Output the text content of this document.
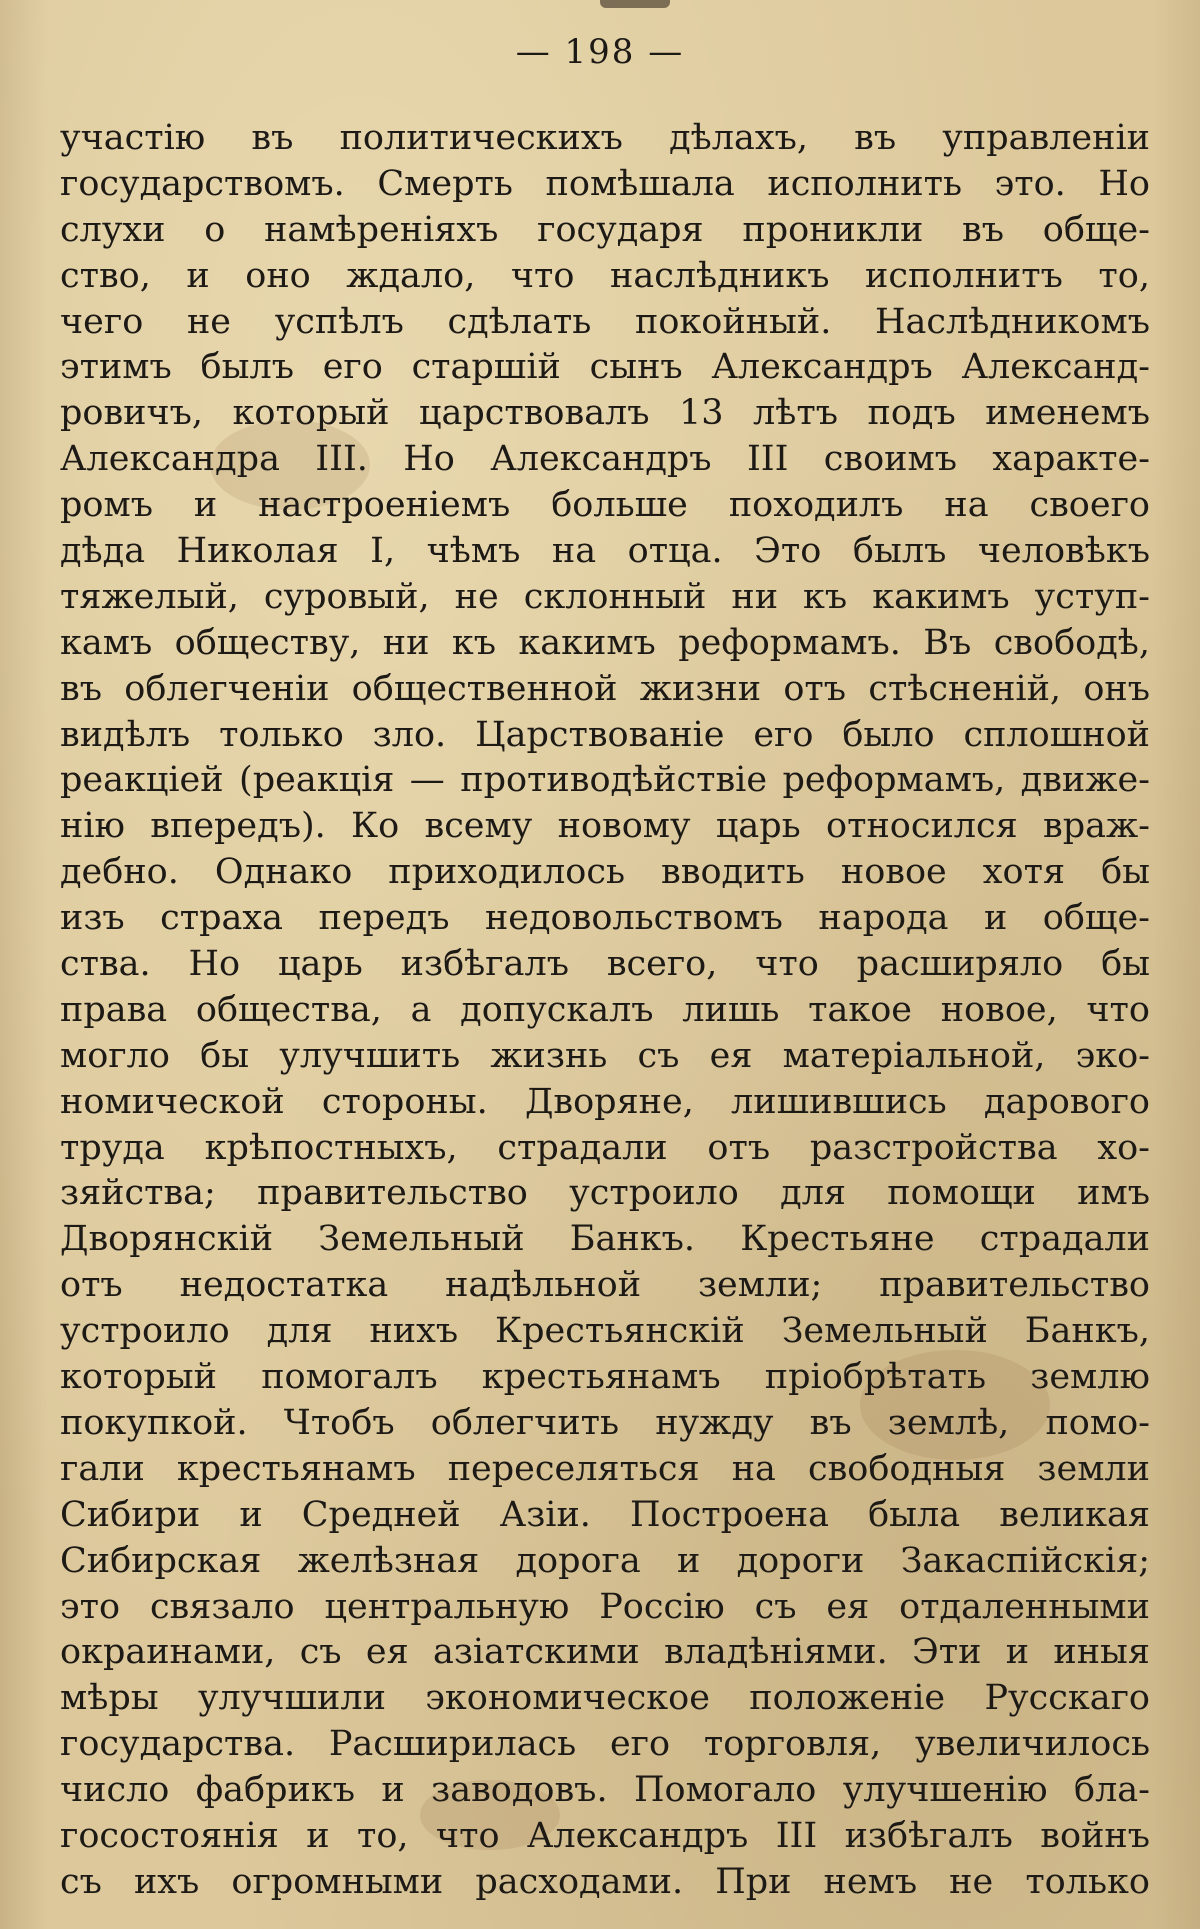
— 198 —
участію въ политическихъ дѣлахъ, въ управленіи
государствомъ. Смерть помѣшала исполнить это. Но
слухи о намѣреніяхъ государя проникли въ обще-
ство, и оно ждало, что наслѣдникъ исполнитъ то,
чего не успѣлъ сдѣлать покойный. Наслѣдникомъ
этимъ былъ его старшій сынъ Александръ Александ-
ровичъ, который царствовалъ 13 лѣтъ подъ именемъ
Александра III. Но Александръ III своимъ характе-
ромъ и настроеніемъ больше походилъ на своего
дѣда Николая I, чѣмъ на отца. Это былъ человѣкъ
тяжелый, суровый, не склонный ни къ какимъ уступ-
камъ обществу, ни къ какимъ реформамъ. Въ свободѣ,
въ облегченіи общественной жизни отъ стѣсненій, онъ
видѣлъ только зло. Царствованіе его было сплошной
реакціей (реакція — противодѣйствіе реформамъ, движе-
нію впередъ). Ко всему новому царь относился враж-
дебно. Однако приходилось вводить новое хотя бы
изъ страха передъ недовольствомъ народа и обще-
ства. Но царь избѣгалъ всего, что расширяло бы
права общества, а допускалъ лишь такое новое, что
могло бы улучшить жизнь съ ея матеріальной, эко-
номической стороны. Дворяне, лишившись дарового
труда крѣпостныхъ, страдали отъ разстройства хо-
зяйства; правительство устроило для помощи имъ
Дворянскій Земельный Банкъ. Крестьяне страдали
отъ недостатка надѣльной земли; правительство
устроило для нихъ Крестьянскій Земельный Банкъ,
который помогалъ крестьянамъ пріобрѣтать землю
покупкой. Чтобъ облегчить нужду въ землѣ, помо-
гали крестьянамъ переселяться на свободныя земли
Сибири и Средней Азіи. Построена была великая
Сибирская желѣзная дорога и дороги Закаспійскія;
это связало центральную Россію съ ея отдаленными
окраинами, съ ея азіатскими владѣніями. Эти и иныя
мѣры улучшили экономическое положеніе Русскаго
государства. Расширилась его торговля, увеличилось
число фабрикъ и заводовъ. Помогало улучшенію бла-
госостоянія и то, что Александръ III избѣгалъ войнъ
съ ихъ огромными расходами. При немъ не только
